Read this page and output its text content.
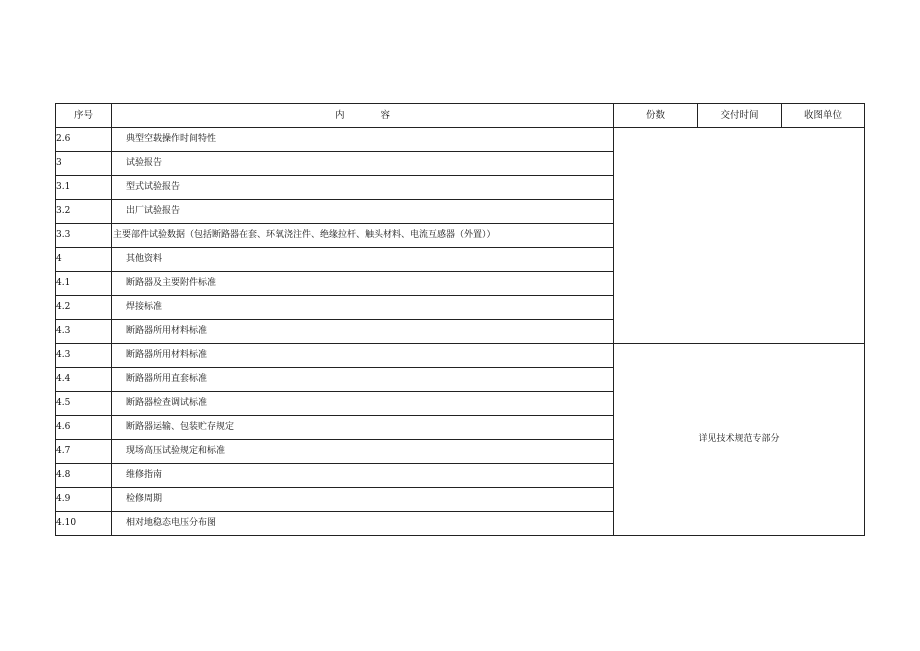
序号	内 容	份数	交付时间	收图单位
2.6	典型空载操作时间特性			
3	试验报告			
3.1	型式试验报告			
3.2	出厂试验报告			
3.3	主要部件试验数据（包括断路器在套、环氧浇注件、绝缘拉杆、触头材料、电流互感器（外置））			
4	其他资料			
4.1	断路器及主要附件标准			
4.2	焊接标准			
4.3	断路器所用材料标准			
4.3	断路器所用材料标准	详见技术规范专部分		
4.4	断路器所用直套标准			
4.5	断路器检查调试标准			
4.6	断路器运输、包装贮存规定			
4.7	现场高压试验规定和标准			
4.8	维修指南			
4.9	检修周期			
4.10	相对地稳态电压分布图			
